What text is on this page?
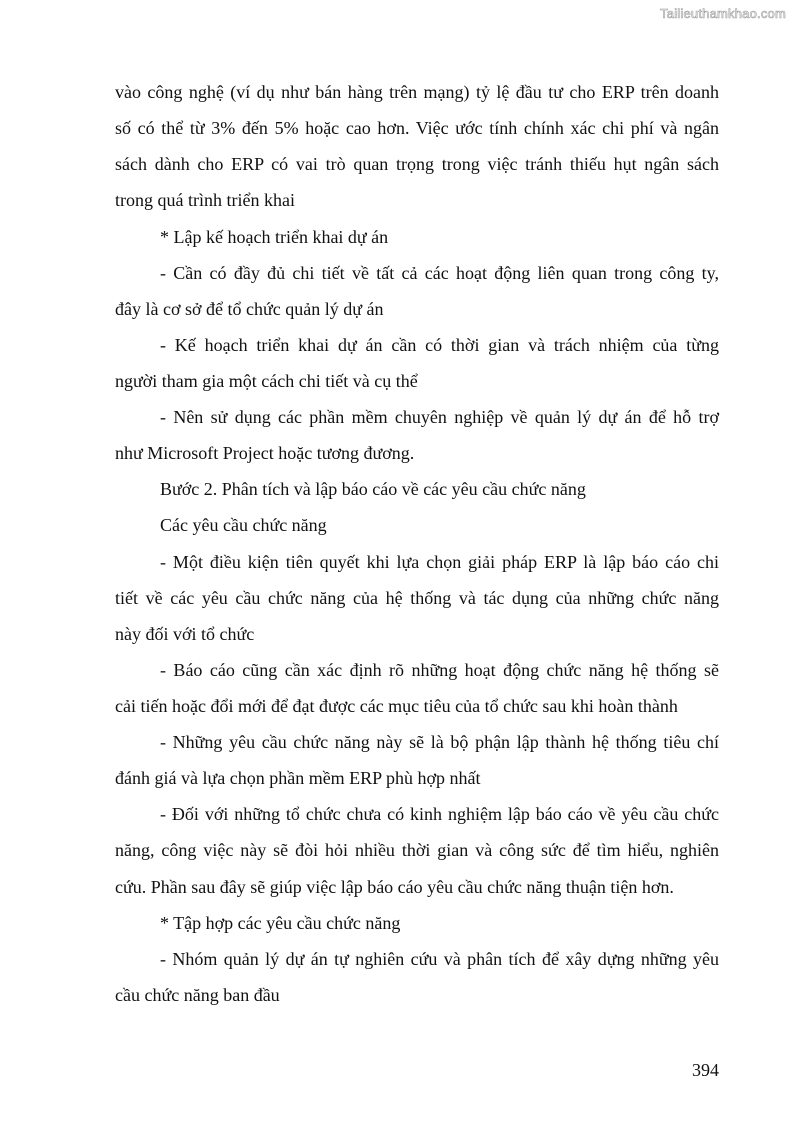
Tailieuthamkhao.com
vào công nghệ (ví dụ như bán hàng trên mạng) tỷ lệ đầu tư cho ERP trên doanh
số có thể từ 3% đến 5% hoặc cao hơn. Việc ước tính chính xác chi phí và ngân
sách dành cho ERP có vai trò quan trọng trong việc tránh thiếu hụt ngân sách
trong quá trình triển khai
* Lập kế hoạch triển khai dự án
- Cần có đầy đủ chi tiết về tất cả các hoạt động liên quan trong công ty,
đây là cơ sở để tổ chức quản lý dự án
- Kế hoạch triển khai dự án cần có thời gian và trách nhiệm của từng
người tham gia một cách chi tiết và cụ thể
- Nên sử dụng các phần mềm chuyên nghiệp về quản lý dự án để hỗ trợ
như Microsoft Project hoặc tương đương.
Bước 2. Phân tích và lập báo cáo về các yêu cầu chức năng
Các yêu cầu chức năng
- Một điều kiện tiên quyết khi lựa chọn giải pháp ERP là lập báo cáo chi
tiết về các yêu cầu chức năng của hệ thống và tác dụng của những chức năng
này đối với tổ chức
- Báo cáo cũng cần xác định rõ những hoạt động chức năng hệ thống sẽ
cải tiến hoặc đổi mới để đạt được các mục tiêu của tổ chức sau khi hoàn thành
- Những yêu cầu chức năng này sẽ là bộ phận lập thành hệ thống tiêu chí
đánh giá và lựa chọn phần mềm ERP phù hợp nhất
- Đối với những tổ chức chưa có kinh nghiệm lập báo cáo về yêu cầu chức
năng, công việc này sẽ đòi hỏi nhiều thời gian và công sức để tìm hiểu, nghiên
cứu. Phần sau đây sẽ giúp việc lập báo cáo yêu cầu chức năng thuận tiện hơn.
* Tập hợp các yêu cầu chức năng
- Nhóm quản lý dự án tự nghiên cứu và phân tích để xây dựng những yêu
cầu chức năng ban đầu
394
